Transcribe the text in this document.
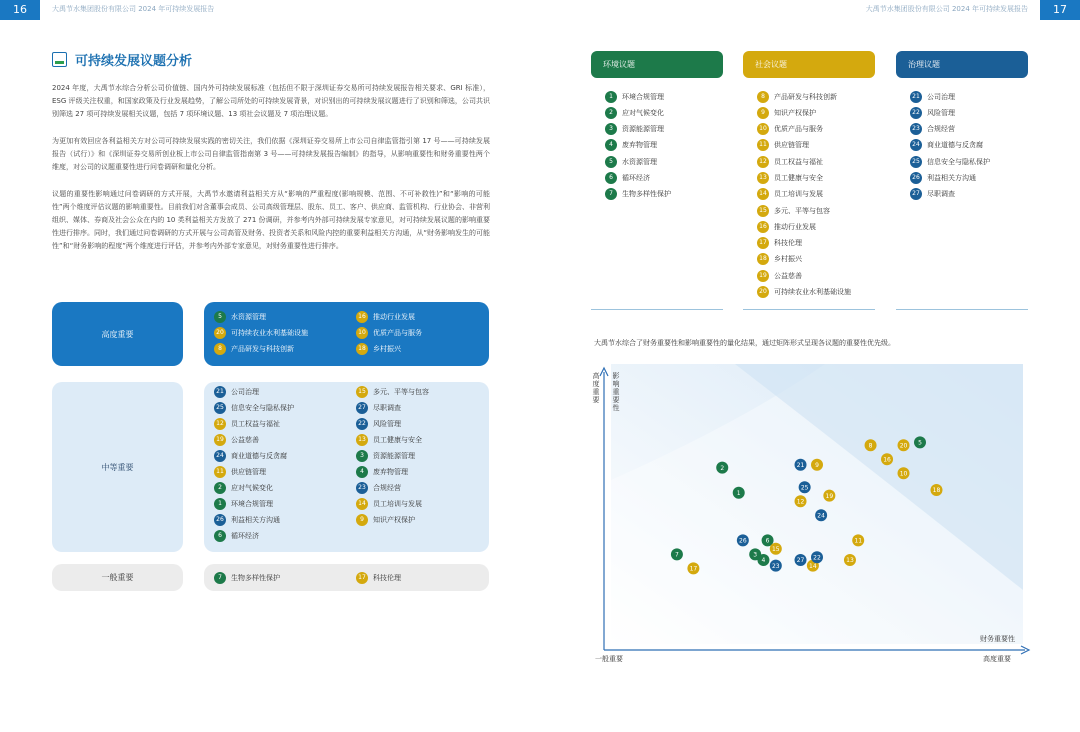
16	大禹节水集团股份有限公司 2024 年可持续发展报告	大禹节水集团股份有限公司 2024 年可持续发展报告	17
可持续发展议题分析

2024 年度，大禹节水综合分析公司价值链、国内外可持续发展标准（包括但不限于深圳证券交易所可持续发展报告相关要求、GRI 标准），ESG 评级关注权重，和国家政策及行业发展趋势，了解公司所处的可持续发展背景，对识别出的可持续发展议题进行了识别和筛选，公司共识别筛选 27 项可持续发展相关议题，包括 7 项环境议题、13 项社会议题及 7 项治理议题。

为更加有效回应各利益相关方对公司可持续发展实践的密切关注，我们依据《深圳证券交易所上市公司自律监管指引第 17 号——可持续发展报告（试行）》和《深圳证券交易所创业板上市公司自律监管指南第 3 号——可持续发展报告编制》的指导，从影响重要性和财务重要性两个维度，对公司的议题重要性进行问卷调研和量化分析。

议题的重要性影响通过问卷调研的方式开展，大禹节水邀请利益相关方从“影响的严重程度(影响规模、范围、不可补救性)”和“影响的可能性”两个维度评估议题的影响重要性。目前我们对含董事会成员、公司高级管理层、股东、员工、客户、供应商、监管机构、行业协会、非营利组织、媒体、券商及社会公众在内的 10 类利益相关方发放了 271 份调研，并参考内外部可持续发展专家意见，对可持续发展议题的影响重要性进行排序。同时，我们通过问卷调研的方式开展与公司高管及财务、投资者关系和风险内控的重要利益相关方沟通，从“财务影响发生的可能性”和“财务影响的程度”两个维度进行评估，并参考内外部专家意见，对财务重要性进行排序。

高度重要
5	水资源管理	16	推动行业发展
20	可持续农业水利基础设施	10	优质产品与服务
8	产品研发与科技创新	18	乡村振兴
中等重要
21	公司治理	15	多元、平等与包容
25	信息安全与隐私保护	27	尽职调查
12	员工权益与福祉	22	风险管理
19	公益慈善	13	员工健康与安全
24	商业道德与反贪腐	3	资源能源管理
11	供应链管理	4	废弃物管理
2	应对气候变化	23	合规经营
1	环境合规管理	14	员工培训与发展
26	利益相关方沟通	9	知识产权保护
6	循环经济
一般重要	7	生物多样性保护	17	科技伦理
环境议题	社会议题	治理议题
1	环境合规管理
2	应对气候变化
3	资源能源管理
4	废弃物管理
5	水资源管理
6	循环经济
7	生物多样性保护
8	产品研发与科技创新
9	知识产权保护
10	优质产品与服务
11	供应链管理
12	员工权益与福祉
13	员工健康与安全
14	员工培训与发展
15	多元、平等与包容
16	推动行业发展
17	科技伦理
18	乡村振兴
19	公益慈善
20	可持续农业水利基础设施
21	公司治理
22	风险管理
23	合规经营
24	商业道德与反贪腐
25	信息安全与隐私保护
26	利益相关方沟通
27	尽职调查
大禹节水综合了财务重要性和影响重要性的量化结果，通过矩阵形式呈现各议题的重要性优先级。
高
度
重
要
影
响
重
要
性
财务重要性
一般重要	高度重要
1
2
3
4
5
6
7
8
9
10
11
12
13
14
15
16
17
18
19
20
21
22
23
24
25
26
27
